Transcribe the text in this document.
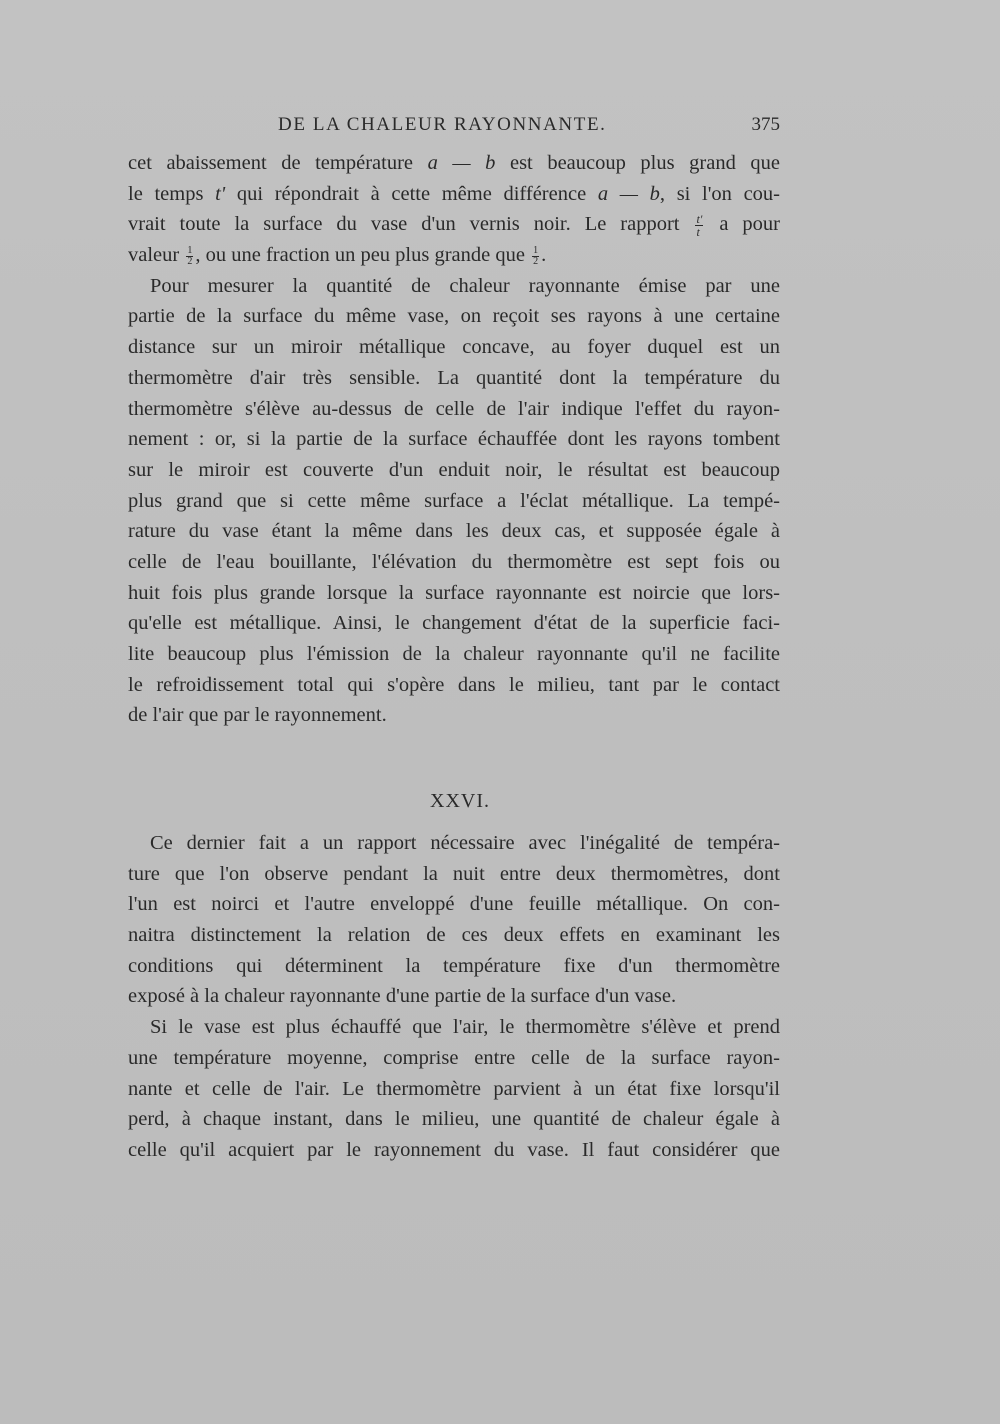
DE LA CHALEUR RAYONNANTE.	375
cet abaissement de température a — b est beaucoup plus grand que
le temps t' qui répondrait à cette même différence a — b, si l'on cou-
vrait toute la surface du vase d'un vernis noir. Le rapport $\frac{t'}{t}$ a pour
valeur $\frac{1}{2}$ , ou une fraction un peu plus grande que $\frac{1}{2}$ .
Pour mesurer la quantité de chaleur rayonnante émise par une
partie de la surface du même vase, on reçoit ses rayons à une certaine
distance sur un miroir métallique concave, au foyer duquel est un
thermomètre d'air très sensible. La quantité dont la température du
thermomètre s'élève au-dessus de celle de l'air indique l'effet du rayon-
nement : or, si la partie de la surface échauffée dont les rayons tombent
sur le miroir est couverte d'un enduit noir, le résultat est beaucoup
plus grand que si cette même surface a l'éclat métallique. La tempé-
rature du vase étant la même dans les deux cas, et supposée égale à
celle de l'eau bouillante, l'élévation du thermomètre est sept fois ou
huit fois plus grande lorsque la surface rayonnante est noircie que lors-
qu'elle est métallique. Ainsi, le changement d'état de la superficie faci-
lite beaucoup plus l'émission de la chaleur rayonnante qu'il ne facilite
le refroidissement total qui s'opère dans le milieu, tant par le contact
de l'air que par le rayonnement.
XXVI.
Ce dernier fait a un rapport nécessaire avec l'inégalité de tempéra-
ture que l'on observe pendant la nuit entre deux thermomètres, dont
l'un est noirci et l'autre enveloppé d'une feuille métallique. On con-
naitra distinctement la relation de ces deux effets en examinant les
conditions qui déterminent la température fixe d'un thermomètre
exposé à la chaleur rayonnante d'une partie de la surface d'un vase.
Si le vase est plus échauffé que l'air, le thermomètre s'élève et prend
une température moyenne, comprise entre celle de la surface rayon-
nante et celle de l'air. Le thermomètre parvient à un état fixe lorsqu'il
perd, à chaque instant, dans le milieu, une quantité de chaleur égale à
celle qu'il acquiert par le rayonnement du vase. Il faut considérer que
